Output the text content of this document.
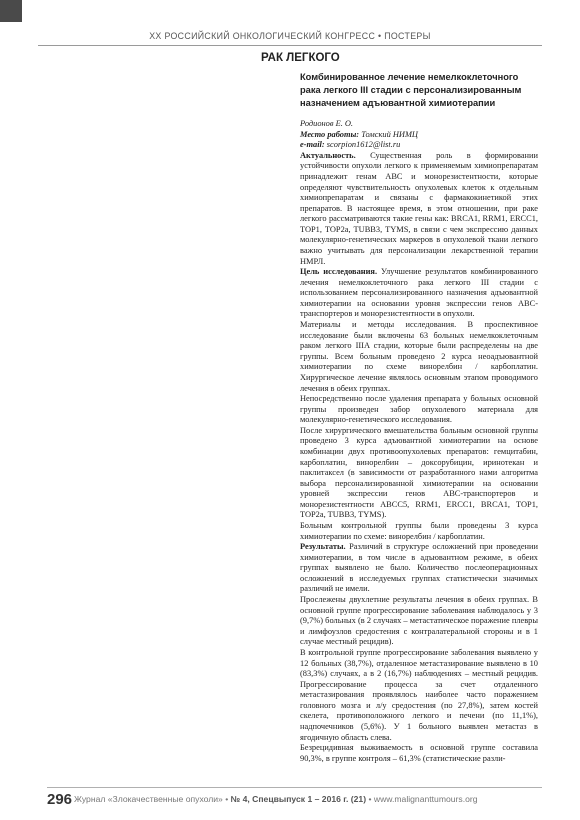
XX РОССИЙСКИЙ ОНКОЛОГИЧЕСКИЙ КОНГРЕСС • ПОСТЕРЫ
РАК ЛЕГКОГО
Комбинированное лечение немелкоклеточного
рака легкого III стадии с персонализированным
назначением адъювантной химиотерапии

Родионов Е. О.

Место работы: Томский НИМЦ

e-mail: scorpion1612@list.ru

Актуальность. Существенная роль в формировании устойчивости опухоли легкого к применяемым химиопрепаратам принадлежит генам АВС и монорезистентности, которые определяют чувствительность опухолевых клеток к отдельным химиопрепаратам и связаны с фармакокинетикой этих препаратов. В настоящее время, в этом отношении, при раке легкого рассматриваются такие гены как: BRCA1, RRM1, ERCC1, TOP1, TOP2a, TUBB3, TYMS, в связи с чем экспрессию данных молекулярно-генетических маркеров в опухолевой ткани легкого важно учитывать для персонализации лекарственной терапии НМРЛ.

Цель исследования. Улучшение результатов комбинированного лечения немелкоклеточного рака легкого III стадии с использованием персонализированного назначения адъювантной химиотерапии на основании уровня экспрессии генов АВС-транспортеров и монорезистентности в опухоли.

Материалы и методы исследования. В проспективное исследование были включены 63 больных немелкоклеточным раком легкого IIIA стадии, которые были распределены на две группы. Всем больным проведено 2 курса неоадъювантной химиотерапии по схеме винорелбин / карбоплатин. Хирургическое лечение являлось основным этапом проводимого лечения в обеих группах.

Непосредственно после удаления препарата у больных основной группы произведен забор опухолевого материала для молекулярно-генетического исследования.

После хирургического вмешательства больным основной группы проведено 3 курса адъювантной химиотерапии на основе комбинации двух противоопухолевых препаратов: гемцитабин, карбоплатин, винорелбин – доксорубицин, иринотекан и паклитаксел (в зависимости от разработанного нами алгоритма выбора персонализированной химиотерапии на основании уровней экспрессии генов АВС-транспортеров и монорезистентности ABCC5, RRM1, ERCC1, BRCA1, TOP1, TOP2a, TUBB3, TYMS).

Больным контрольной группы были проведены 3 курса химиотерапии по схеме: винорелбин / карбоплатин.

Результаты. Различий в структуре осложнений при проведении химиотерапии, в том числе в адъювантном режиме, в обеих группах выявлено не было. Количество послеоперационных осложнений в исследуемых группах статистически значимых различий не имели.

Прослежены двухлетние результаты лечения в обеих группах. В основной группе прогрессирование заболевания наблюдалось у 3 (9,7%) больных (в 2 случаях – метастатическое поражение плевры и лимфоузлов средостения с контралатеральной стороны и в 1 случае местный рецидив).

В контрольной группе прогрессирование заболевания выявлено у 12 больных (38,7%), отдаленное метастазирование выявлено в 10 (83,3%) случаях, а в 2 (16,7%) наблюдениях – местный рецидив. Прогрессирование процесса за счет отдаленного метастазирования проявлялось наиболее часто поражением головного мозга и л/у средостения (по 27,8%), затем костей скелета, противоположного легкого и печени (по 11,1%), надпочечников (5,6%). У 1 больного выявлен метастаз в ягодичную область слева.

Безрецидивная выживаемость в основной группе составила 90,3%, в группе контроля – 61,3% (статистические разли-

296 Журнал «Злокачественные опухоли» • № 4, Спецвыпуск 1 – 2016 г. (21) • www.malignanttumours.org
